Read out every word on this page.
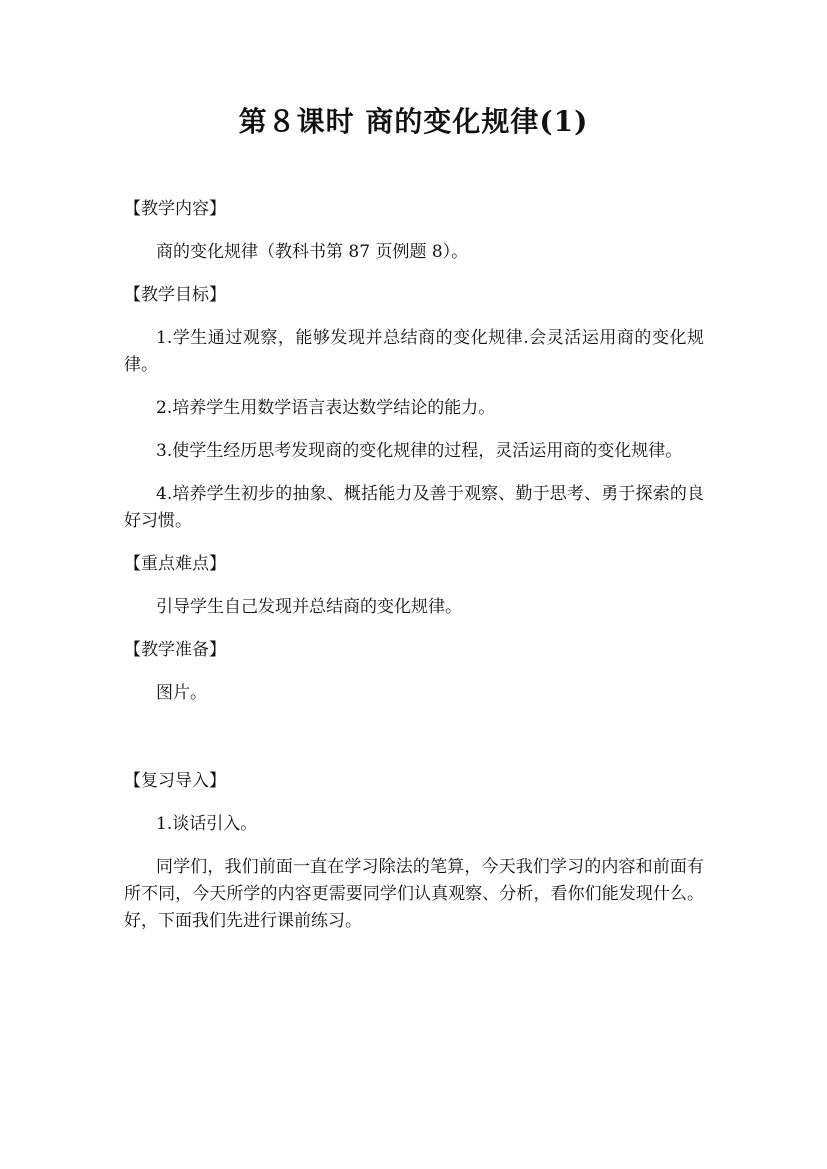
第８课时 商的变化规律(1)
【教学内容】
商的变化规律（教科书第 87 页例题 8）。
【教学目标】
1.学生通过观察，能够发现并总结商的变化规律.会灵活运用商的变化规律。
2.培养学生用数学语言表达数学结论的能力。
3.使学生经历思考发现商的变化规律的过程，灵活运用商的变化规律。
4.培养学生初步的抽象、概括能力及善于观察、勤于思考、勇于探索的良好习惯。
【重点难点】
引导学生自己发现并总结商的变化规律。
【教学准备】
图片。
【复习导入】
1.谈话引入。
同学们，我们前面一直在学习除法的笔算，今天我们学习的内容和前面有所不同，今天所学的内容更需要同学们认真观察、分析，看你们能发现什么。好，下面我们先进行课前练习。
